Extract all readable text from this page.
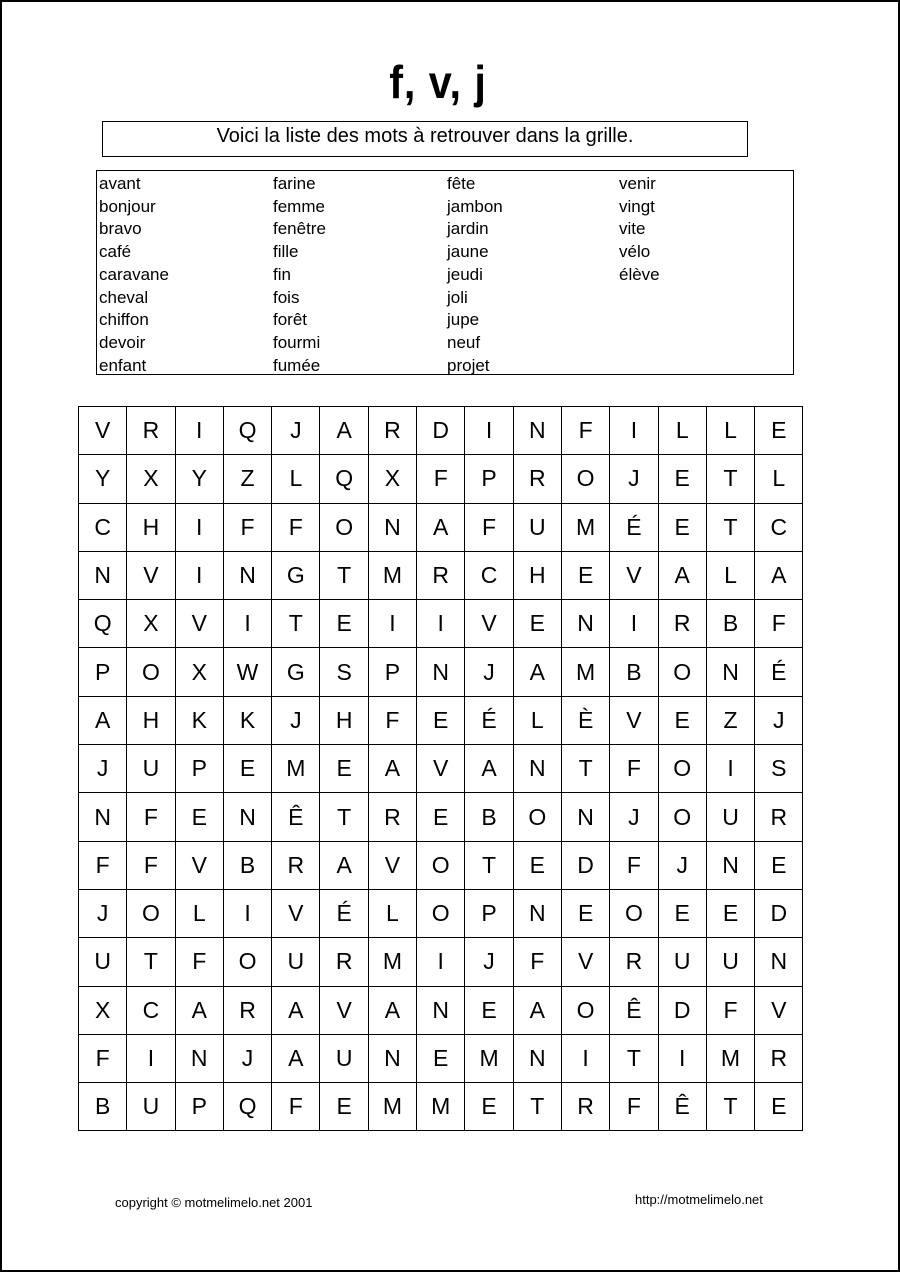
f, v, j
Voici la liste des mots à retrouver dans la grille.
avant
bonjour
bravo
café
caravane
cheval
chiffon
devoir
enfant
farine
femme
fenêtre
fille
fin
fois
forêt
fourmi
fumée
fête
jambon
jardin
jaune
jeudi
joli
jupe
neuf
projet
venir
vingt
vite
vélo
élève
V	R	I	Q	J	A	R	D	I	N	F	I	L	L	E
Y	X	Y	Z	L	Q	X	F	P	R	O	J	E	T	L
C	H	I	F	F	O	N	A	F	U	M	É	E	T	C
N	V	I	N	G	T	M	R	C	H	E	V	A	L	A
Q	X	V	I	T	E	I	I	V	E	N	I	R	B	F
P	O	X	W	G	S	P	N	J	A	M	B	O	N	É
A	H	K	K	J	H	F	E	É	L	È	V	E	Z	J
J	U	P	E	M	E	A	V	A	N	T	F	O	I	S
N	F	E	N	Ê	T	R	E	B	O	N	J	O	U	R
F	F	V	B	R	A	V	O	T	E	D	F	J	N	E
J	O	L	I	V	É	L	O	P	N	E	O	E	E	D
U	T	F	O	U	R	M	I	J	F	V	R	U	U	N
X	C	A	R	A	V	A	N	E	A	O	Ê	D	F	V
F	I	N	J	A	U	N	E	M	N	I	T	I	M	R
B	U	P	Q	F	E	M	M	E	T	R	F	Ê	T	E
copyright © motmelimelo.net 2001	http://motmelimelo.net
